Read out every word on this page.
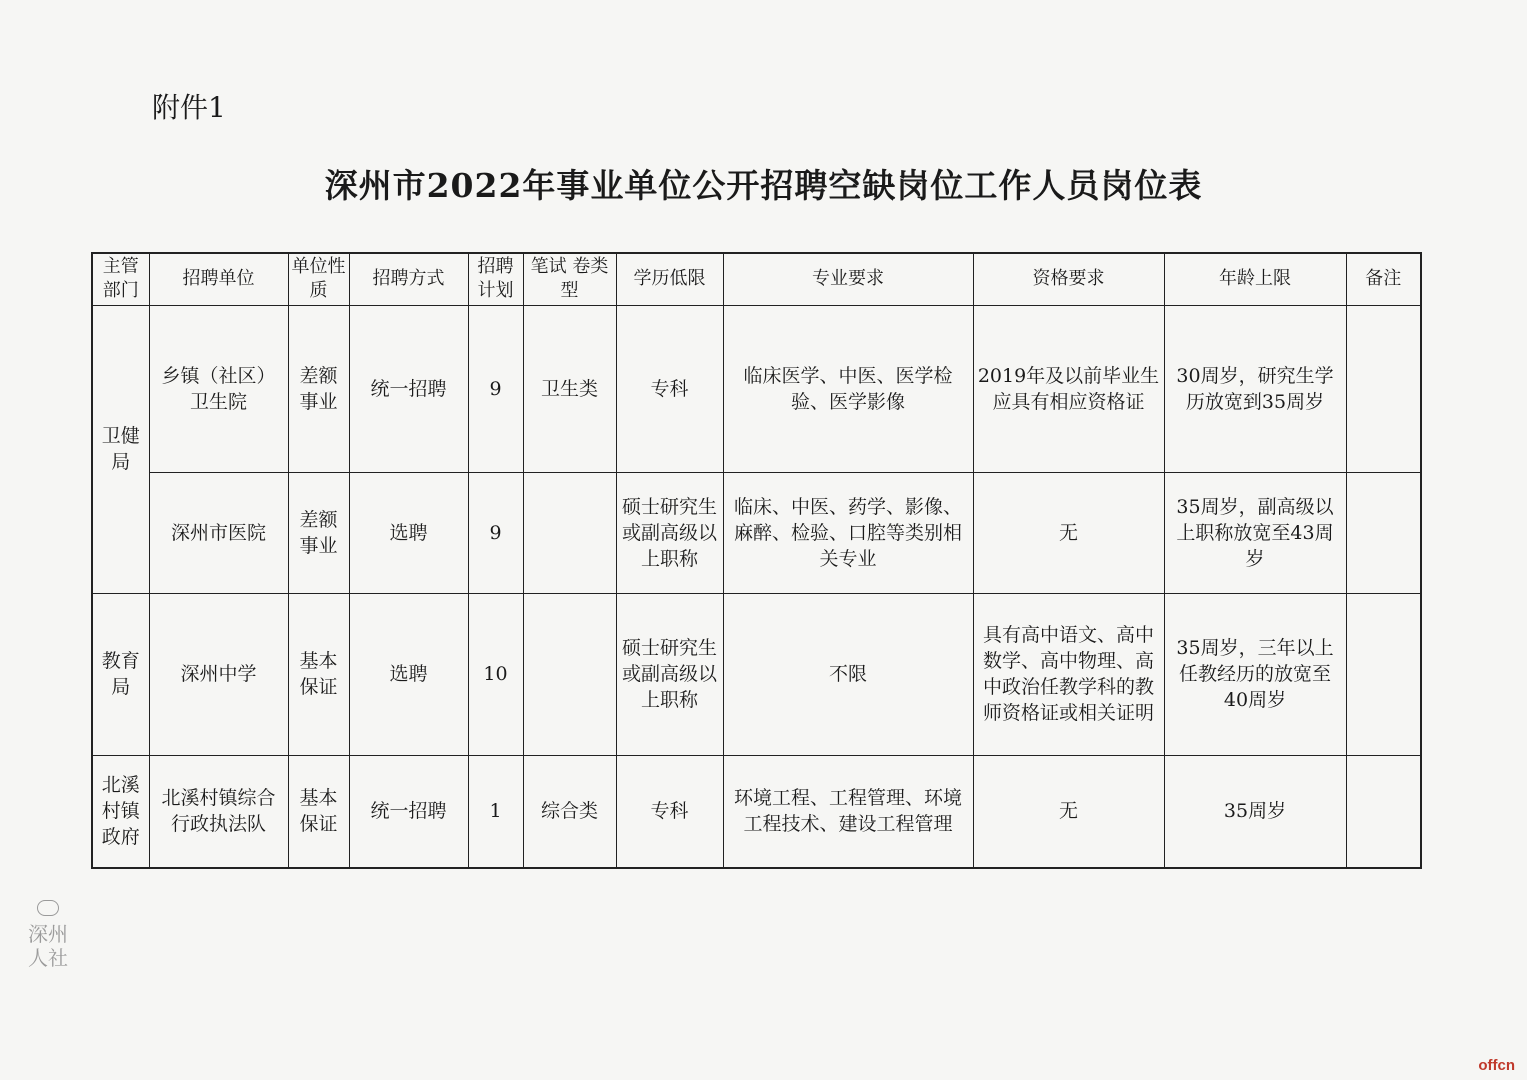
附件1
深州市2022年事业单位公开招聘空缺岗位工作人员岗位表
主管部门	招聘单位	单位性质	招聘方式	招聘计划	笔试 卷类型	学历低限	专业要求	资格要求	年龄上限	备注
卫健局	乡镇（社区）卫生院	差额事业	统一招聘	9	卫生类	专科	临床医学、中医、医学检验、医学影像	2019年及以前毕业生应具有相应资格证	30周岁，研究生学历放宽到35周岁	
	深州市医院	差额事业	选聘	9		硕士研究生或副高级以上职称	临床、中医、药学、影像、麻醉、检验、口腔等类别相关专业	无	35周岁，副高级以上职称放宽至43周岁	
教育局	深州中学	基本保证	选聘	10		硕士研究生或副高级以上职称	不限	具有高中语文、高中数学、高中物理、高中政治任教学科的教师资格证或相关证明	35周岁，三年以上任教经历的放宽至40周岁	
北溪村镇政府	北溪村镇综合行政执法队	基本保证	统一招聘	1	综合类	专科	环境工程、工程管理、环境工程技术、建设工程管理	无	35周岁	
深州人社
offcn
